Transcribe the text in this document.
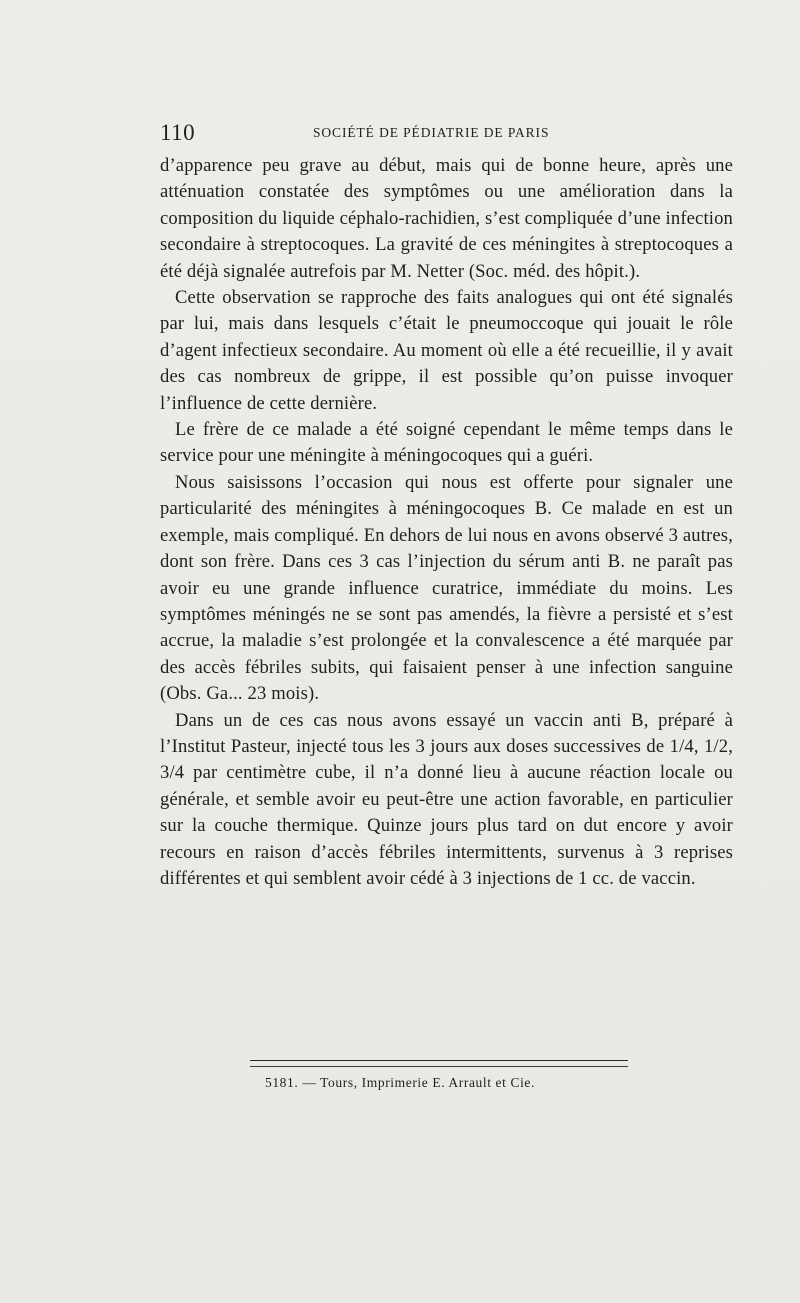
110	SOCIÉTÉ DE PÉDIATRIE DE PARIS

d’apparence peu grave au début, mais qui de bonne heure, après une atténuation constatée des symptômes ou une amélioration dans la composition du liquide céphalo-rachidien, s’est compliquée d’une infection secondaire à streptocoques. La gravité de ces méningites à streptocoques a été déjà signalée autrefois par M. Netter (Soc. méd. des hôpit.).

Cette observation se rapproche des faits analogues qui ont été signalés par lui, mais dans lesquels c’était le pneumoccoque qui jouait le rôle d’agent infectieux secondaire. Au moment où elle a été recueillie, il y avait des cas nombreux de grippe, il est possible qu’on puisse invoquer l’influence de cette dernière.

Le frère de ce malade a été soigné cependant le même temps dans le service pour une méningite à méningocoques qui a guéri.

Nous saisissons l’occasion qui nous est offerte pour signaler une particularité des méningites à méningocoques B. Ce malade en est un exemple, mais compliqué. En dehors de lui nous en avons observé 3 autres, dont son frère. Dans ces 3 cas l’injection du sérum anti B. ne paraît pas avoir eu une grande influence curatrice, immédiate du moins. Les symptômes méningés ne se sont pas amendés, la fièvre a persisté et s’est accrue, la maladie s’est prolongée et la convalescence a été marquée par des accès fébriles subits, qui faisaient penser à une infection sanguine (Obs. Ga... 23 mois).

Dans un de ces cas nous avons essayé un vaccin anti B, préparé à l’Institut Pasteur, injecté tous les 3 jours aux doses successives de 1/4, 1/2, 3/4 par centimètre cube, il n’a donné lieu à aucune réaction locale ou générale, et semble avoir eu peut-être une action favorable, en particulier sur la couche thermique. Quinze jours plus tard on dut encore y avoir recours en raison d’accès fébriles intermittents, survenus à 3 reprises différentes et qui semblent avoir cédé à 3 injections de 1 cc. de vaccin.

5181. — Tours, Imprimerie E. Arrault et Cie.
